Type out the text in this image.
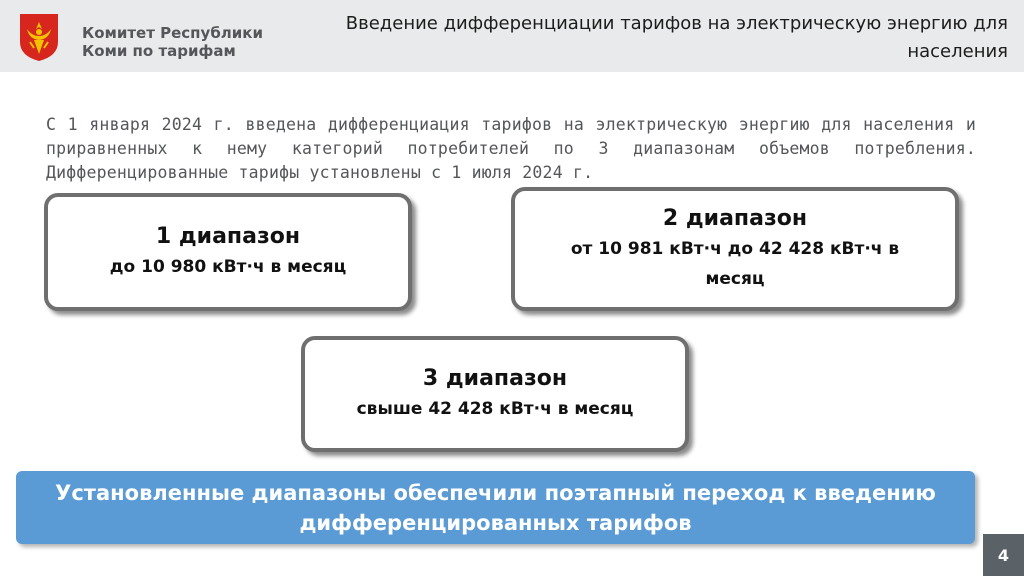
Комитет Республики
Коми по тарифам

Введение дифференциации тарифов на электрическую энергию для населения

С 1 января 2024 г. введена дифференциация тарифов на электрическую энергию для населения и приравненных к нему категорий потребителей по 3 диапазонам объемов потребления. Дифференцированные тарифы установлены с 1 июля 2024 г.

1 диапазон
до 10 980 кВт·ч в месяц
2 диапазон
от 10 981 кВт·ч до 42 428 кВт·ч в месяц
3 диапазон
свыше 42 428 кВт·ч в месяц
Установленные диапазоны обеспечили поэтапный переход к введению дифференцированных тарифов
4
